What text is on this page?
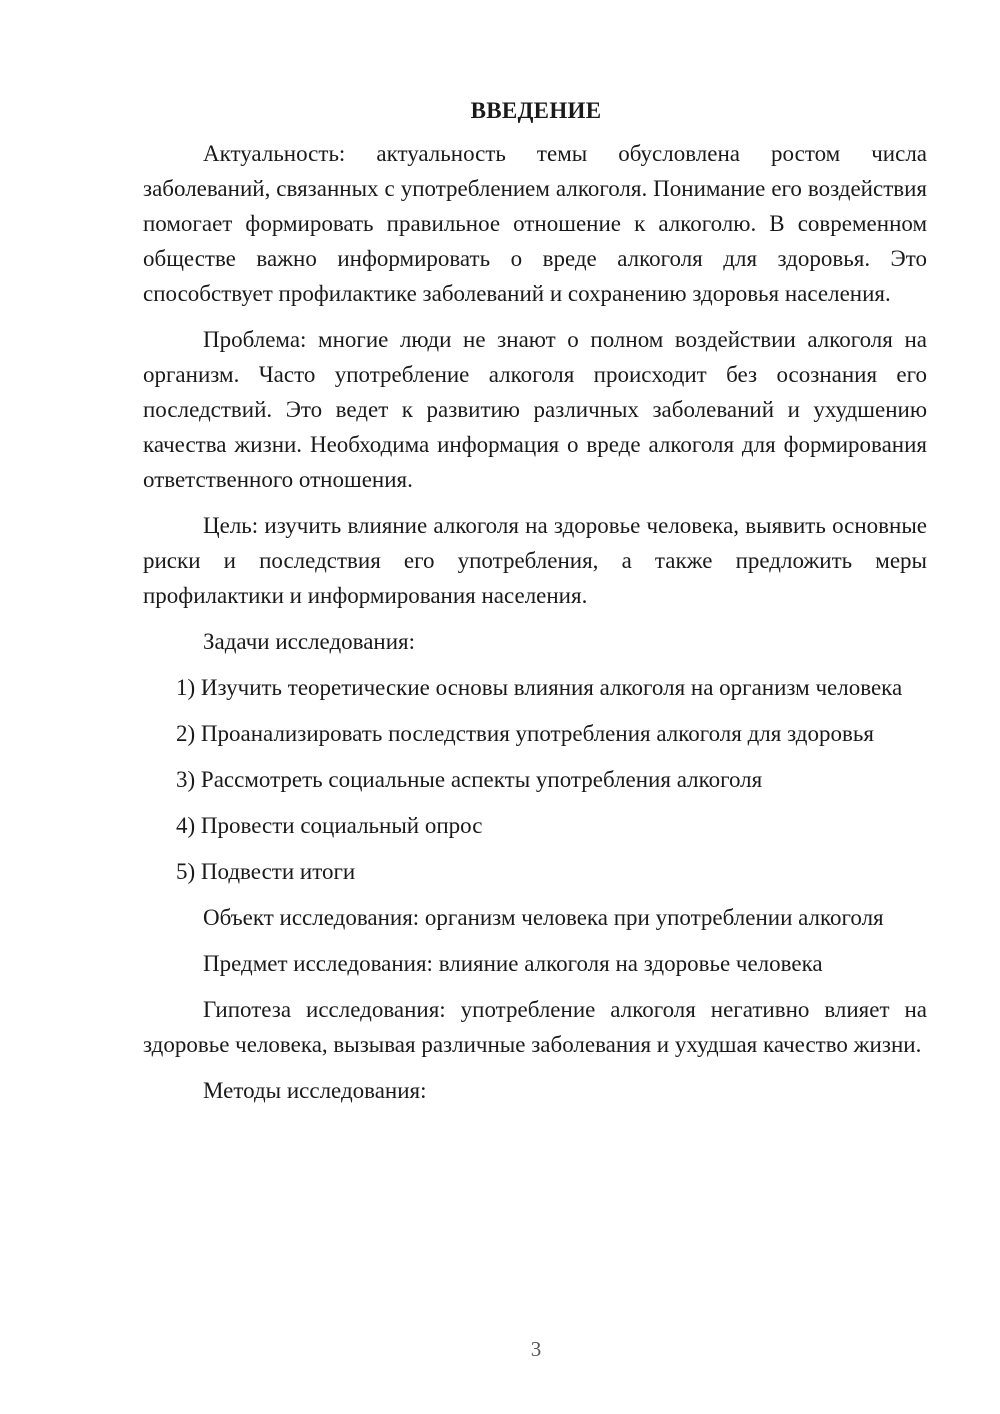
ВВЕДЕНИЕ

Актуальность: актуальность темы обусловлена ростом числа заболеваний, связанных с употреблением алкоголя. Понимание его воздействия помогает формировать правильное отношение к алкоголю. В современном обществе важно информировать о вреде алкоголя для здоровья. Это способствует профилактике заболеваний и сохранению здоровья населения.

Проблема: многие люди не знают о полном воздействии алкоголя на организм. Часто употребление алкоголя происходит без осознания его последствий. Это ведет к развитию различных заболеваний и ухудшению качества жизни. Необходима информация о вреде алкоголя для формирования ответственного отношения.

Цель: изучить влияние алкоголя на здоровье человека, выявить основные риски и последствия его употребления, а также предложить меры профилактики и информирования населения.

Задачи исследования:

1) Изучить теоретические основы влияния алкоголя на организм человека

2) Проанализировать последствия употребления алкоголя для здоровья

3) Рассмотреть социальные аспекты употребления алкоголя

4) Провести социальный опрос

5) Подвести итоги

Объект исследования: организм человека при употреблении алкоголя

Предмет исследования: влияние алкоголя на здоровье человека

Гипотеза исследования: употребление алкоголя негативно влияет на здоровье человека, вызывая различные заболевания и ухудшая качество жизни.

Методы исследования:

3
